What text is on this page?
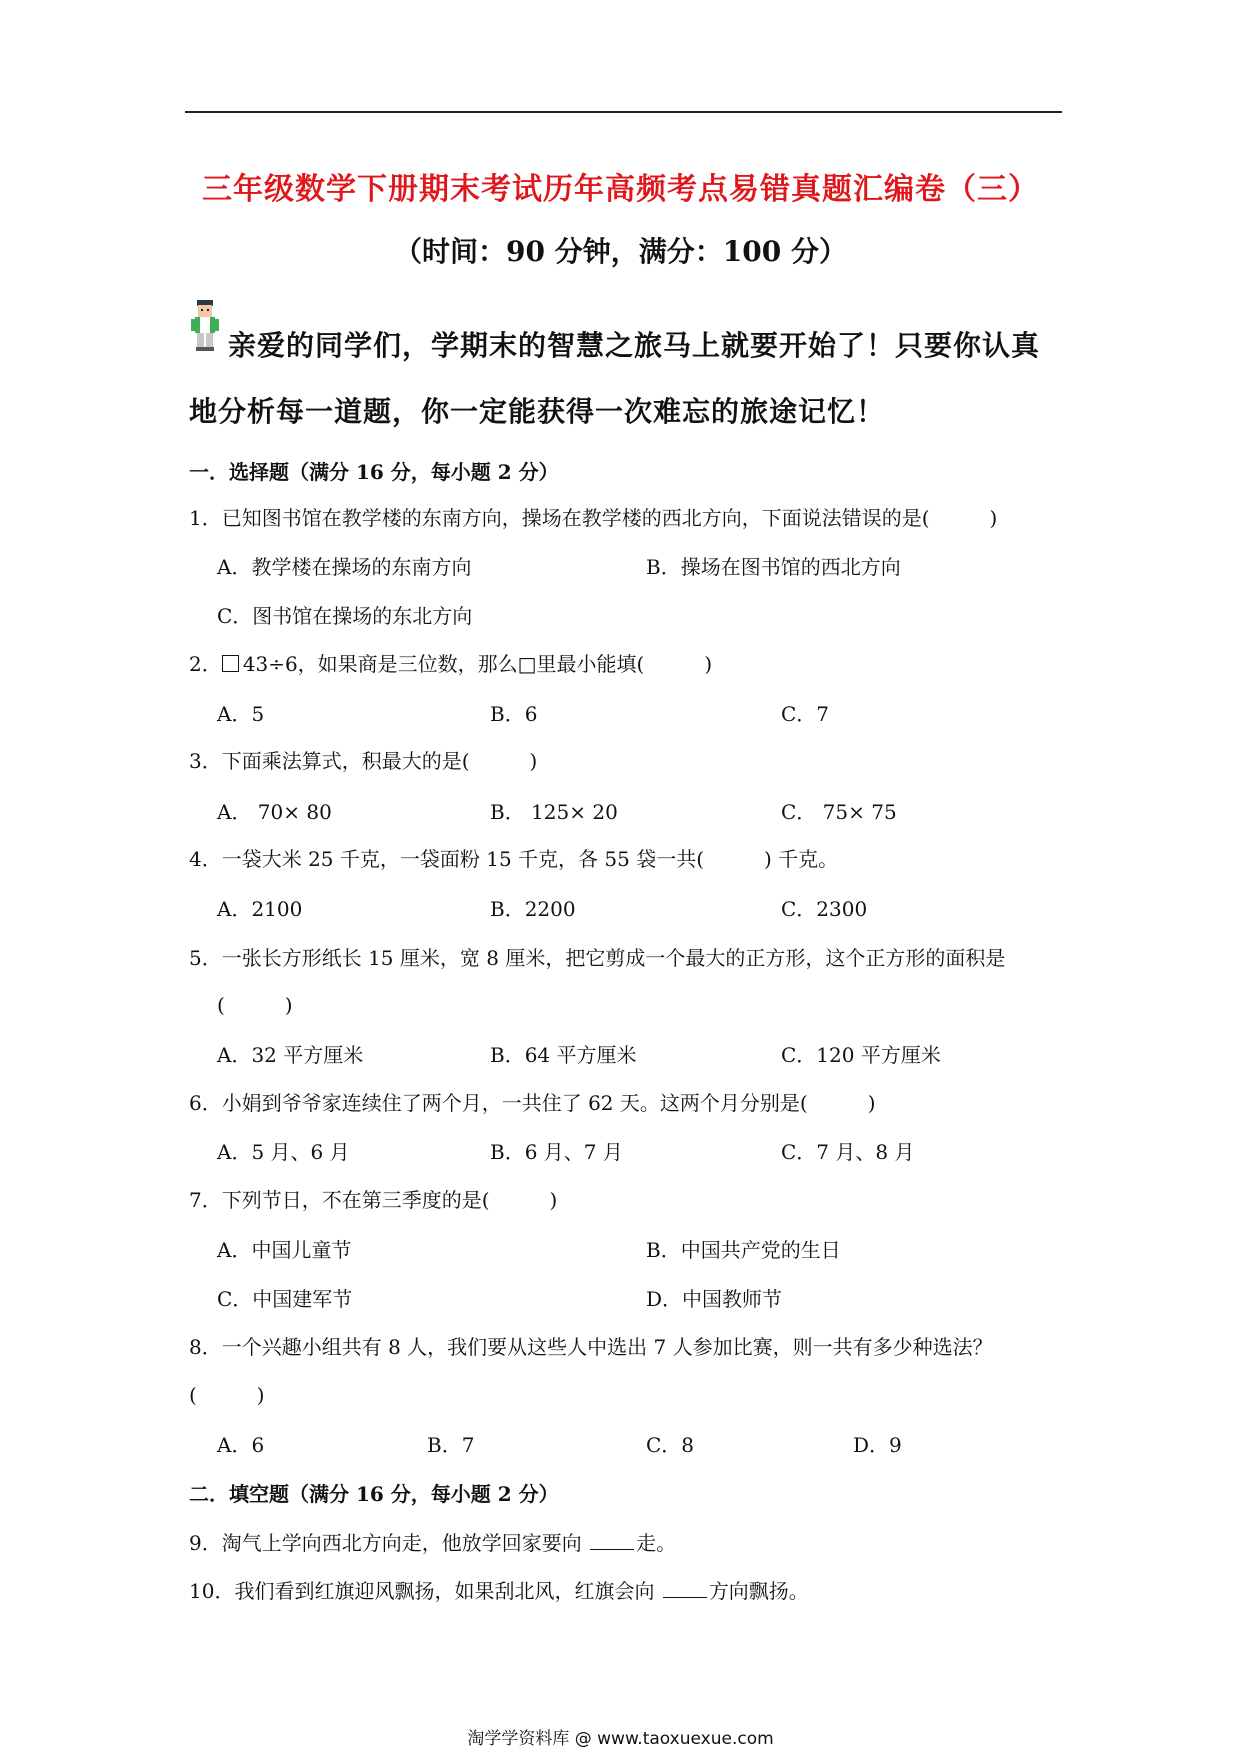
三年级数学下册期末考试历年高频考点易错真题汇编卷（三）
（时间：90 分钟，满分：100 分）
亲爱的同学们，学期末的智慧之旅马上就要开始了！只要你认真
地分析每一道题，你一定能获得一次难忘的旅途记忆！
一．选择题（满分 16 分，每小题 2 分）
1．已知图书馆在教学楼的东南方向，操场在教学楼的西北方向，下面说法错误的是(　　　)
A．教学楼在操场的东南方向	B．操场在图书馆的西北方向
C．图书馆在操场的东北方向
2． 43÷6，如果商是三位数，那么□里最小能填(　　　)
A．5	B．6	C．7
3．下面乘法算式，积最大的是(　　　)
A． 70× 80	B． 125× 20	C． 75× 75
4．一袋大米 25 千克，一袋面粉 15 千克，各 55 袋一共(　　　) 千克。
A．2100	B．2200	C．2300
5．一张长方形纸长 15 厘米，宽 8 厘米，把它剪成一个最大的正方形，这个正方形的面积是
(　　　)
A．32 平方厘米	B．64 平方厘米	C．120 平方厘米
6．小娟到爷爷家连续住了两个月，一共住了 62 天。这两个月分别是(　　　)
A．5 月、6 月	B．6 月、7 月	C．7 月、8 月
7．下列节日，不在第三季度的是(　　　)
A．中国儿童节	B．中国共产党的生日
C．中国建军节	D．中国教师节
8．一个兴趣小组共有 8 人，我们要从这些人中选出 7 人参加比赛，则一共有多少种选法？
(　　　)
A．6	B．7	C．8	D．9
二．填空题（满分 16 分，每小题 2 分）
9．淘气上学向西北方向走，他放学回家要向 走。
10．我们看到红旗迎风飘扬，如果刮北风，红旗会向 方向飘扬。
淘学学资料库 @ www.taoxuexue.com
